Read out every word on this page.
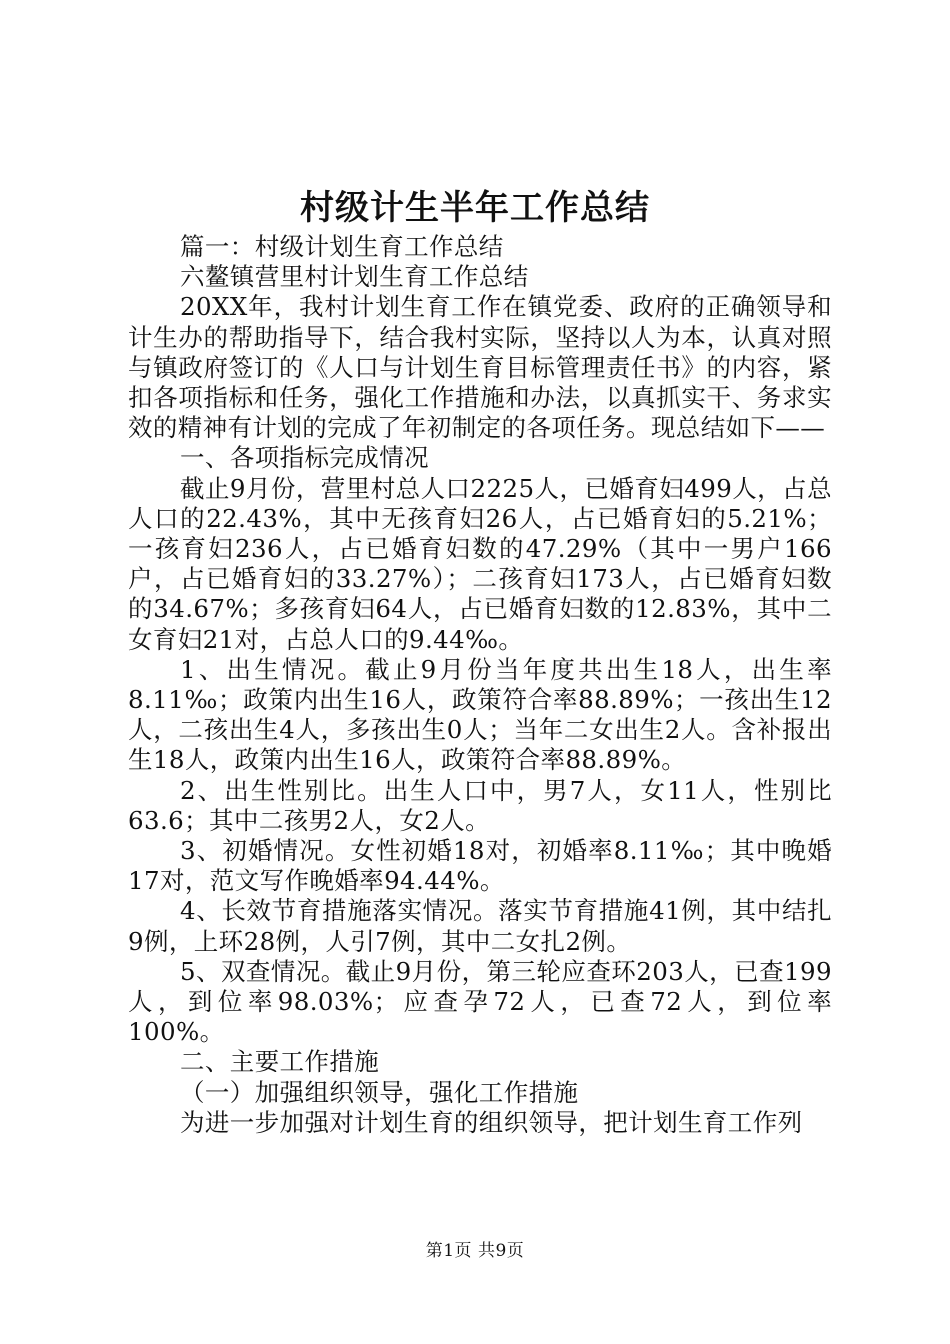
村级计生半年工作总结

篇一：村级计划生育工作总结

六鳌镇营里村计划生育工作总结

20XX年，我村计划生育工作在镇党委、政府的正确领导和计生办的帮助指导下，结合我村实际，坚持以人为本，认真对照与镇政府签订的《人口与计划生育目标管理责任书》的内容，紧扣各项指标和任务，强化工作措施和办法，以真抓实干、务求实效的精神有计划的完成了年初制定的各项任务。现总结如下——

一、各项指标完成情况

截止9月份，营里村总人口2225人，已婚育妇499人，占总人口的22.43%，其中无孩育妇26人，占已婚育妇的5.21%；一孩育妇236人，占已婚育妇数的47.29%（其中一男户166户，占已婚育妇的33.27%）；二孩育妇173人，占已婚育妇数的34.67%；多孩育妇64人，占已婚育妇数的12.83%，其中二女育妇21对，占总人口的9.44‰。

1、出生情况。截止9月份当年度共出生18人，出生率8.11‰；政策内出生16人，政策符合率88.89%；一孩出生12人，二孩出生4人，多孩出生0人；当年二女出生2人。含补报出生18人，政策内出生16人，政策符合率88.89%。

2、出生性别比。出生人口中，男7人，女11人，性别比63.6；其中二孩男2人，女2人。

3、初婚情况。女性初婚18对，初婚率8.11‰；其中晚婚17对，范文写作晚婚率94.44%。

4、长效节育措施落实情况。落实节育措施41例，其中结扎9例，上环28例，人引7例，其中二女扎2例。

5、双查情况。截止9月份，第三轮应查环203人，已查199人，到位率98.03%；应查孕72人，已查72人，到位率100%。

二、主要工作措施

（一）加强组织领导，强化工作措施

为进一步加强对计划生育的组织领导，把计划生育工作列

第1页 共9页
